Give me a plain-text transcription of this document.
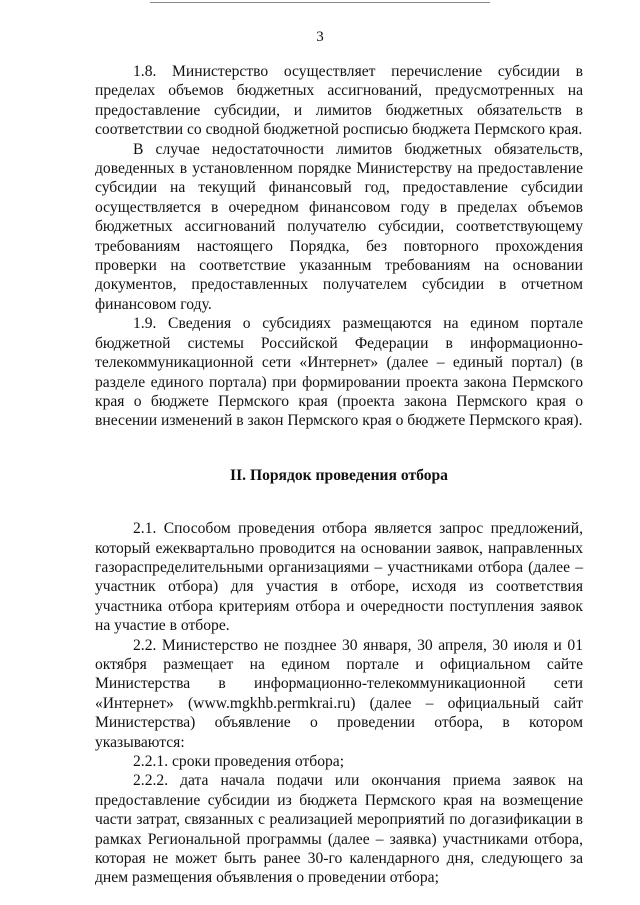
3

1.8. Министерство осуществляет перечисление субсидии в пределах объемов бюджетных ассигнований, предусмотренных на предоставление субсидии, и лимитов бюджетных обязательств в соответствии со сводной бюджетной росписью бюджета Пермского края.

В случае недостаточности лимитов бюджетных обязательств, доведенных в установленном порядке Министерству на предоставление субсидии на текущий финансовый год, предоставление субсидии осуществляется в очередном финансовом году в пределах объемов бюджетных ассигнований получателю субсидии, соответствующему требованиям настоящего Порядка, без повторного прохождения проверки на соответствие указанным требованиям на основании документов, предоставленных получателем субсидии в отчетном финансовом году.

1.9. Сведения о субсидиях размещаются на едином портале бюджетной системы Российской Федерации в информационно-телекоммуникационной сети «Интернет» (далее – единый портал) (в разделе единого портала) при формировании проекта закона Пермского края о бюджете Пермского края (проекта закона Пермского края о внесении изменений в закон Пермского края о бюджете Пермского края).

II. Порядок проведения отбора

2.1. Способом проведения отбора является запрос предложений, который ежеквартально проводится на основании заявок, направленных газораспределительными организациями – участниками отбора (далее – участник отбора) для участия в отборе, исходя из соответствия участника отбора критериям отбора и очередности поступления заявок на участие в отборе.

2.2. Министерство не позднее 30 января, 30 апреля, 30 июля и 01 октября размещает на едином портале и официальном сайте Министерства в информационно-телекоммуникационной сети «Интернет» (www.mgkhb.permkrai.ru) (далее – официальный сайт Министерства) объявление о проведении отбора, в котором указываются:

2.2.1. сроки проведения отбора;

2.2.2. дата начала подачи или окончания приема заявок на предоставление субсидии из бюджета Пермского края на возмещение части затрат, связанных с реализацией мероприятий по догазификации в рамках Региональной программы (далее – заявка) участниками отбора, которая не может быть ранее 30-го календарного дня, следующего за днем размещения объявления о проведении отбора;
